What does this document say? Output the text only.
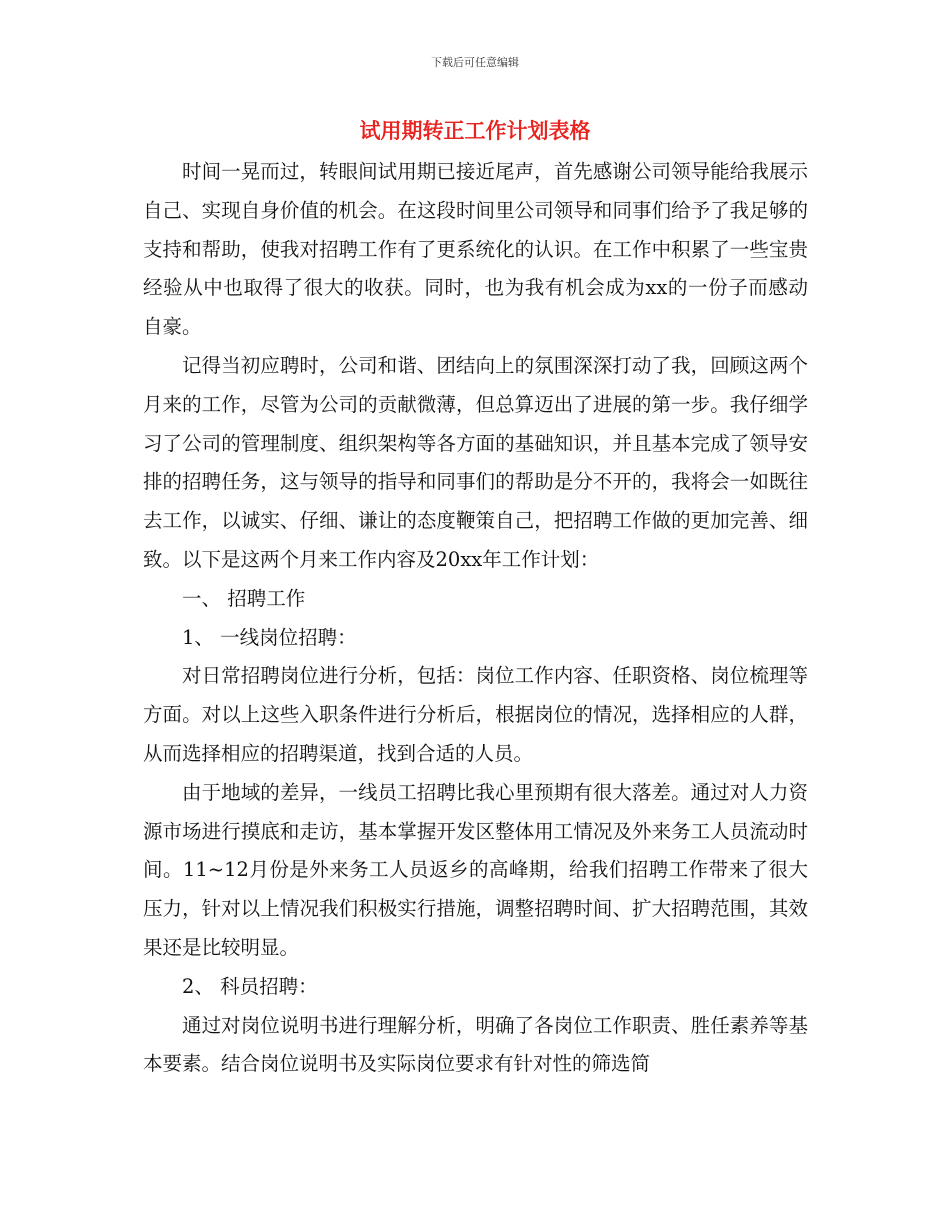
下载后可任意编辑
试用期转正工作计划表格

时间一晃而过，转眼间试用期已接近尾声，首先感谢公司领导能给我展示自己、实现自身价值的机会。在这段时间里公司领导和同事们给予了我足够的支持和帮助，使我对招聘工作有了更系统化的认识。在工作中积累了一些宝贵经验从中也取得了很大的收获。同时，也为我有机会成为xx的一份子而感动自豪。

记得当初应聘时，公司和谐、团结向上的氛围深深打动了我，回顾这两个月来的工作，尽管为公司的贡献微薄，但总算迈出了进展的第一步。我仔细学习了公司的管理制度、组织架构等各方面的基础知识，并且基本完成了领导安排的招聘任务，这与领导的指导和同事们的帮助是分不开的，我将会一如既往去工作，以诚实、仔细、谦让的态度鞭策自己，把招聘工作做的更加完善、细致。以下是这两个月来工作内容及20xx年工作计划：

一、 招聘工作

1、 一线岗位招聘：

对日常招聘岗位进行分析，包括：岗位工作内容、任职资格、岗位梳理等方面。对以上这些入职条件进行分析后，根据岗位的情况，选择相应的人群，从而选择相应的招聘渠道，找到合适的人员。

由于地域的差异，一线员工招聘比我心里预期有很大落差。通过对人力资源市场进行摸底和走访，基本掌握开发区整体用工情况及外来务工人员流动时间。11~12月份是外来务工人员返乡的高峰期，给我们招聘工作带来了很大压力，针对以上情况我们积极实行措施，调整招聘时间、扩大招聘范围，其效果还是比较明显。

2、 科员招聘：

通过对岗位说明书进行理解分析，明确了各岗位工作职责、胜任素养等基本要素。结合岗位说明书及实际岗位要求有针对性的筛选简
